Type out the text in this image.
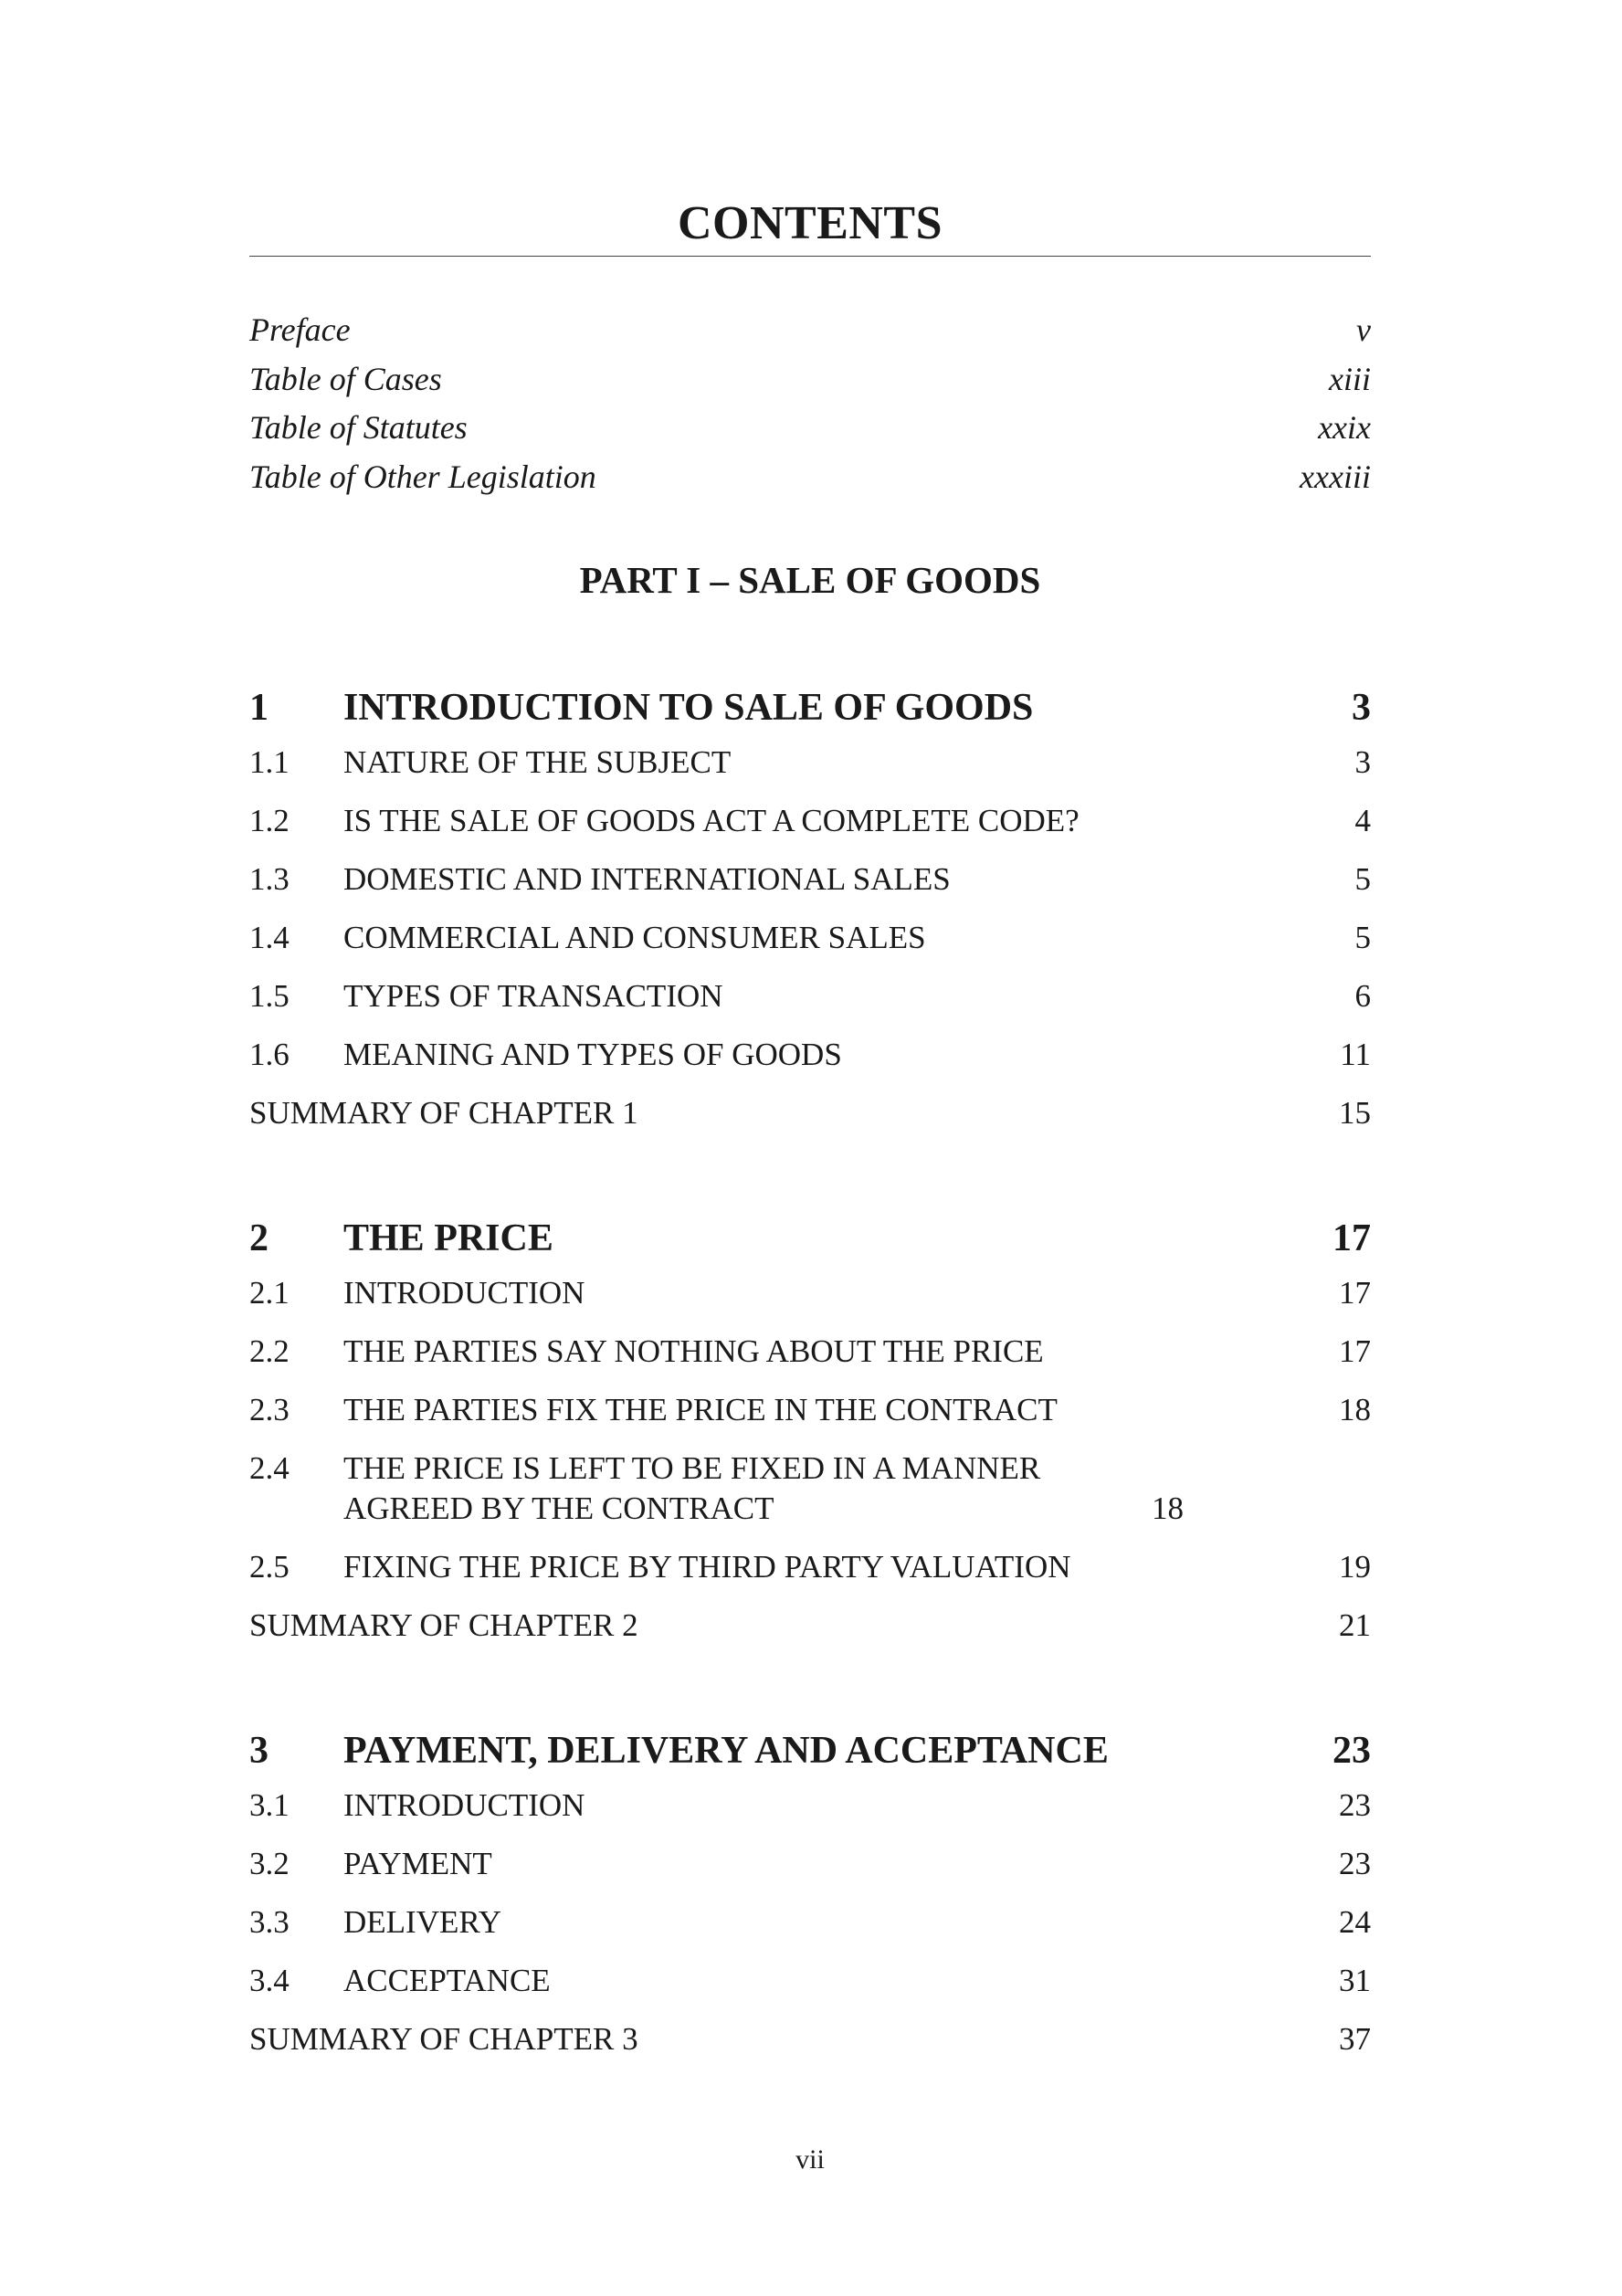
CONTENTS
Preface	v
Table of Cases	xiii
Table of Statutes	xxix
Table of Other Legislation	xxxiii
PART I – SALE OF GOODS
1	INTRODUCTION TO SALE OF GOODS	3
1.1	NATURE OF THE SUBJECT	3
1.2	IS THE SALE OF GOODS ACT A COMPLETE CODE?	4
1.3	DOMESTIC AND INTERNATIONAL SALES	5
1.4	COMMERCIAL AND CONSUMER SALES	5
1.5	TYPES OF TRANSACTION	6
1.6	MEANING AND TYPES OF GOODS	11
SUMMARY OF CHAPTER 1	15
2	THE PRICE	17
2.1	INTRODUCTION	17
2.2	THE PARTIES SAY NOTHING ABOUT THE PRICE	17
2.3	THE PARTIES FIX THE PRICE IN THE CONTRACT	18
2.4	THE PRICE IS LEFT TO BE FIXED IN A MANNER AGREED BY THE CONTRACT	18
2.5	FIXING THE PRICE BY THIRD PARTY VALUATION	19
SUMMARY OF CHAPTER 2	21
3	PAYMENT, DELIVERY AND ACCEPTANCE	23
3.1	INTRODUCTION	23
3.2	PAYMENT	23
3.3	DELIVERY	24
3.4	ACCEPTANCE	31
SUMMARY OF CHAPTER 3	37
vii
